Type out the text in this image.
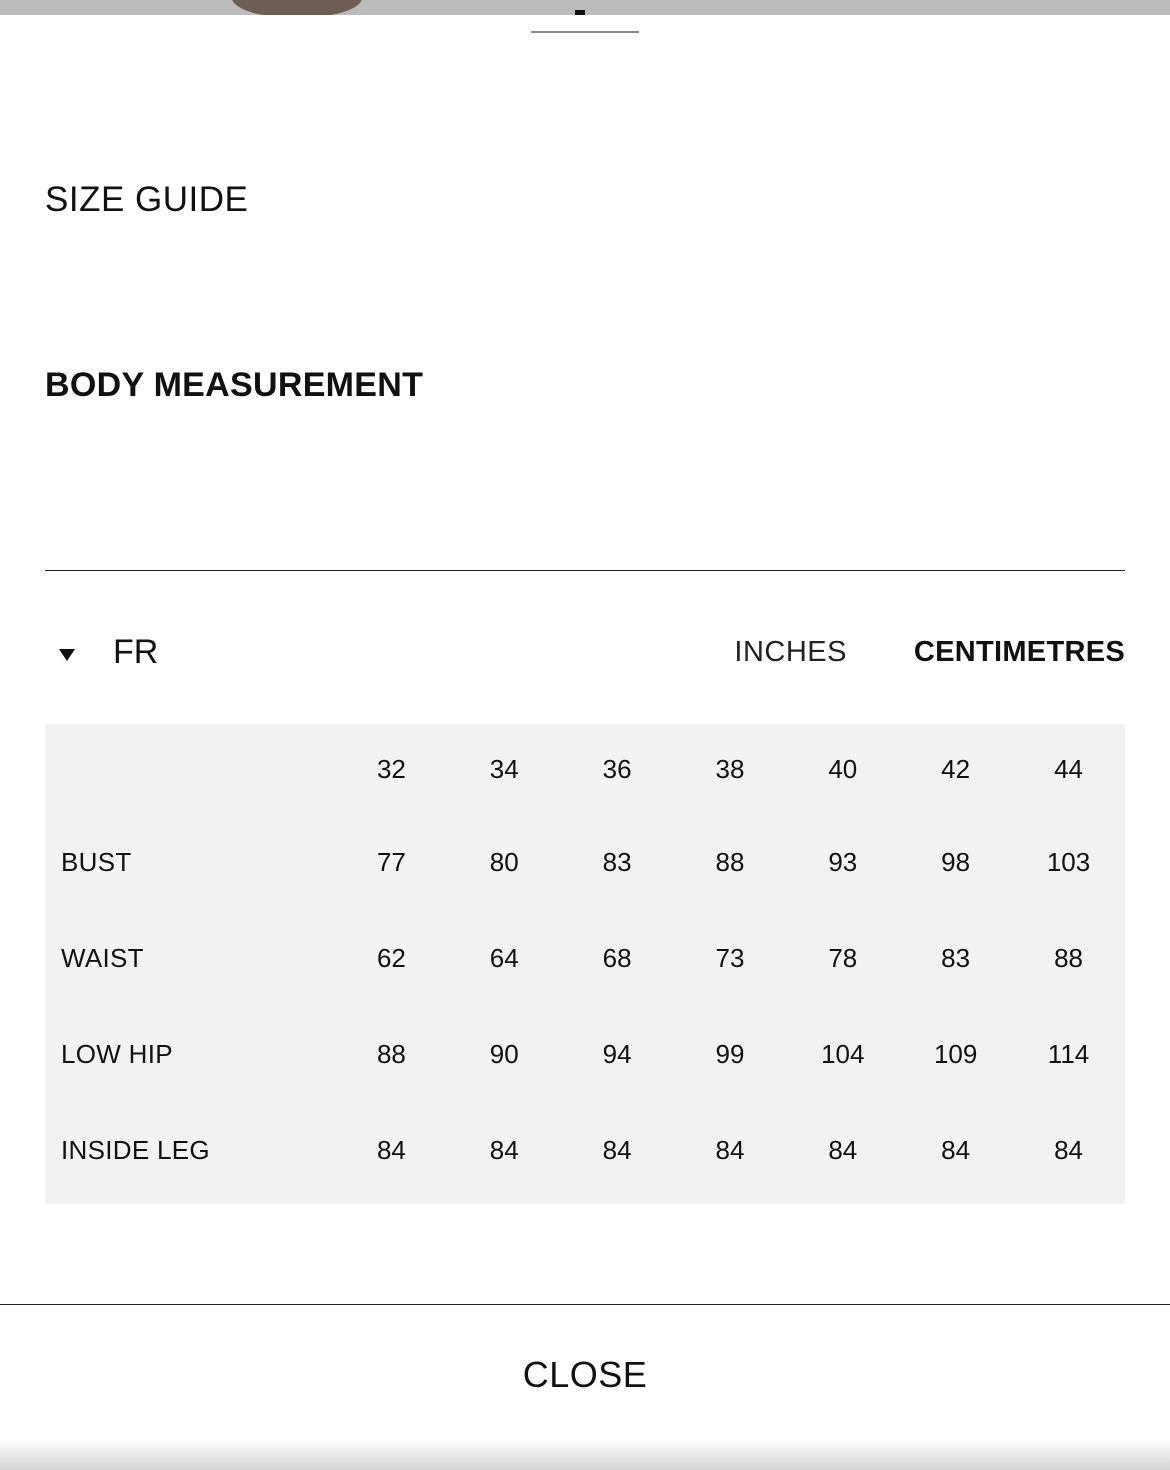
SIZE GUIDE
BODY MEASUREMENT
FR	INCHES CENTIMETRES
	32	34	36	38	40	42	44
BUST	77	80	83	88	93	98	103
WAIST	62	64	68	73	78	83	88
LOW HIP	88	90	94	99	104	109	114
INSIDE LEG	84	84	84	84	84	84	84
CLOSE
